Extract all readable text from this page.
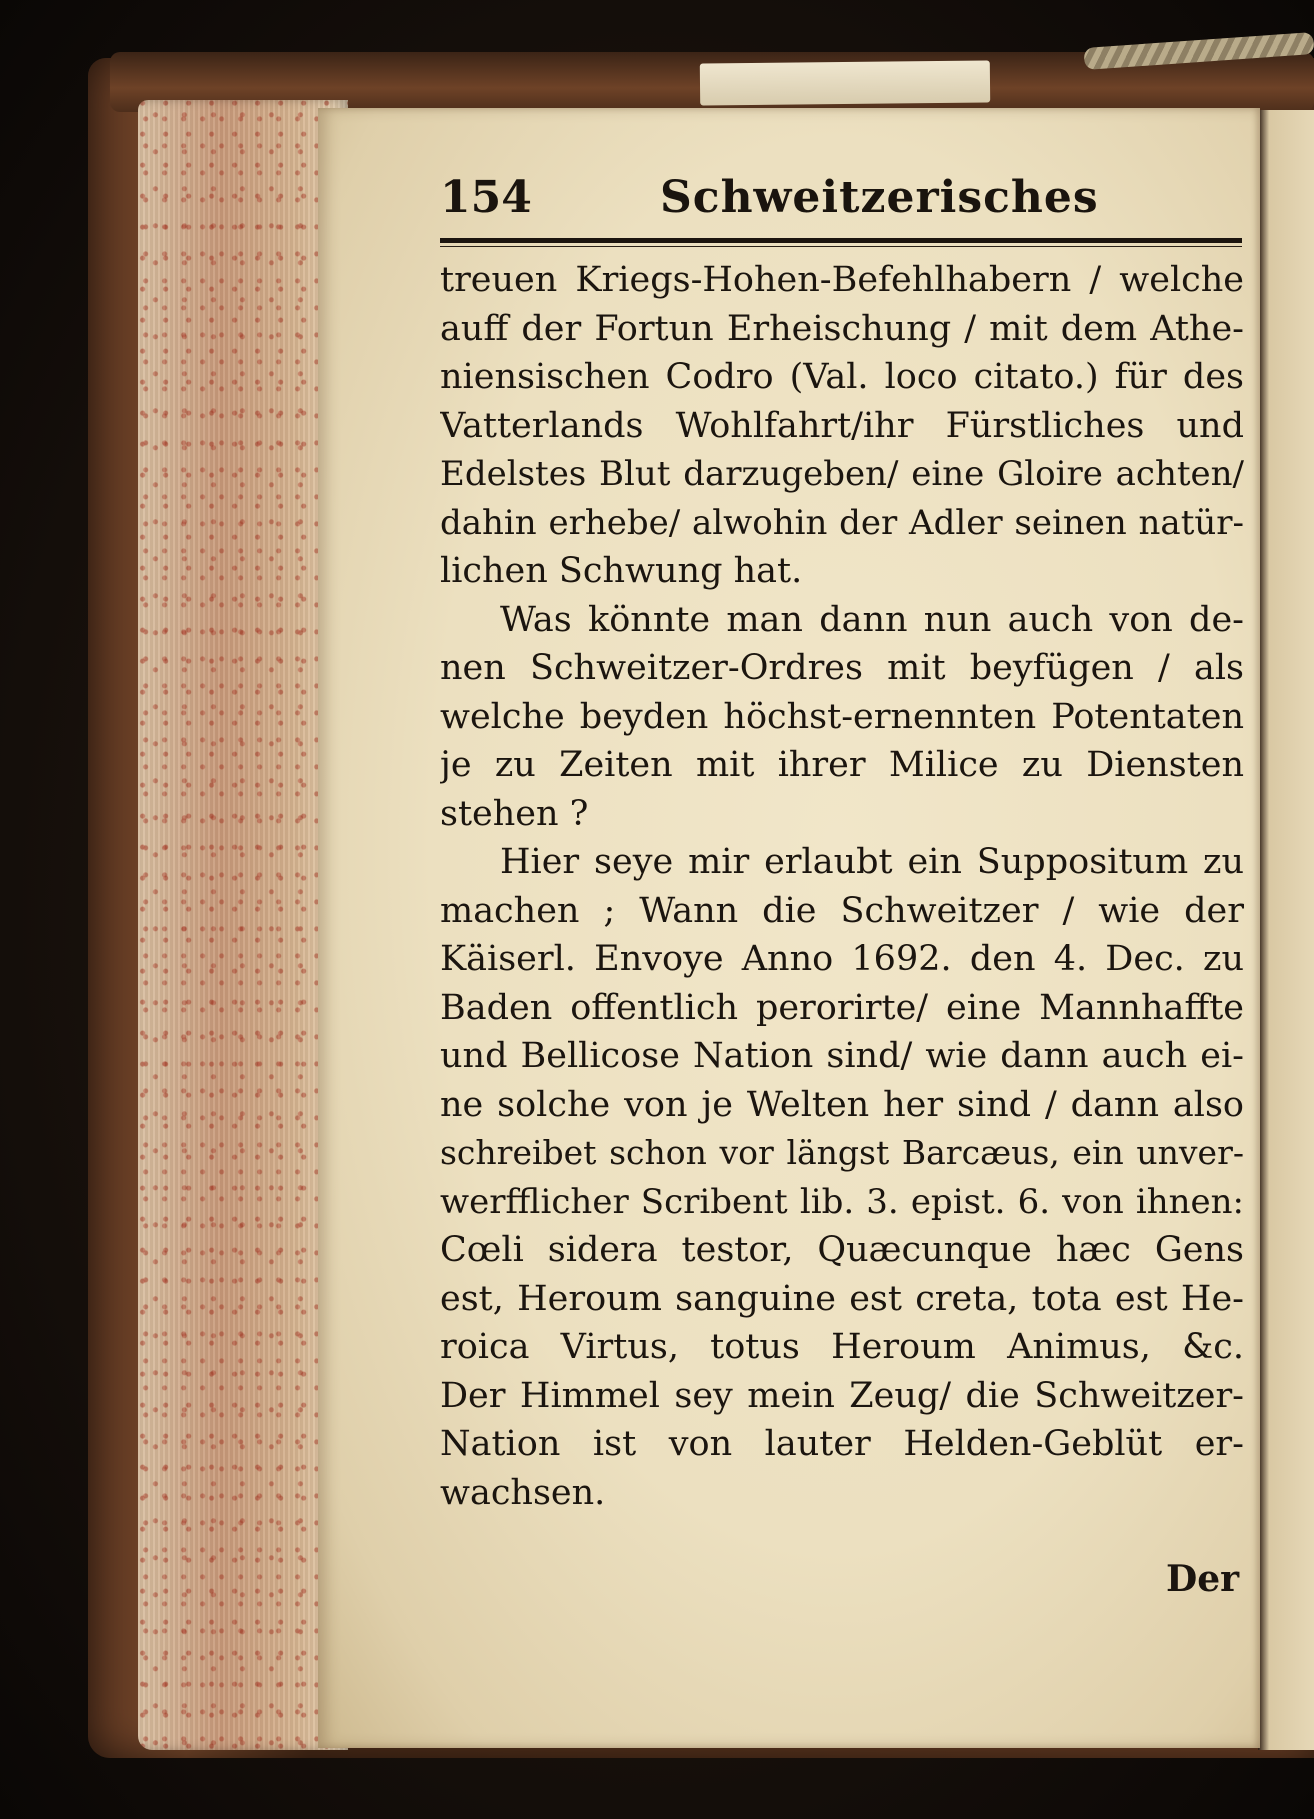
154	Schweitzerisches
treuen Kriegs-Hohen-Befehlhabern / welche
auff der Fortun Erheischung / mit dem Athe-
niensischen Codro (Val. loco citato.) für des
Vatterlands Wohlfahrt/ihr Fürstliches und
Edelstes Blut darzugeben/ eine Gloire achten/
dahin erhebe/ alwohin der Adler seinen natür-
lichen Schwung hat.
Was könnte man dann nun auch von de-
nen Schweitzer-Ordres mit beyfügen / als
welche beyden höchst-ernennten Potentaten
je zu Zeiten mit ihrer Milice zu Diensten
stehen ?
Hier seye mir erlaubt ein Suppositum zu
machen ; Wann die Schweitzer / wie der
Käiserl. Envoye Anno 1692. den 4. Dec. zu
Baden offentlich perorirte/ eine Mannhaffte
und Bellicose Nation sind/ wie dann auch ei-
ne solche von je Welten her sind / dann also
schreibet schon vor längst Barcæus, ein unver-
werfflicher Scribent lib. 3. epist. 6. von ihnen:
Cœli sidera testor, Quæcunque hæc Gens
est, Heroum sanguine est creta, tota est He-
roica Virtus, totus Heroum Animus, &c.
Der Himmel sey mein Zeug/ die Schweitzer-
Nation ist von lauter Helden-Geblüt er-
wachsen.
Der
